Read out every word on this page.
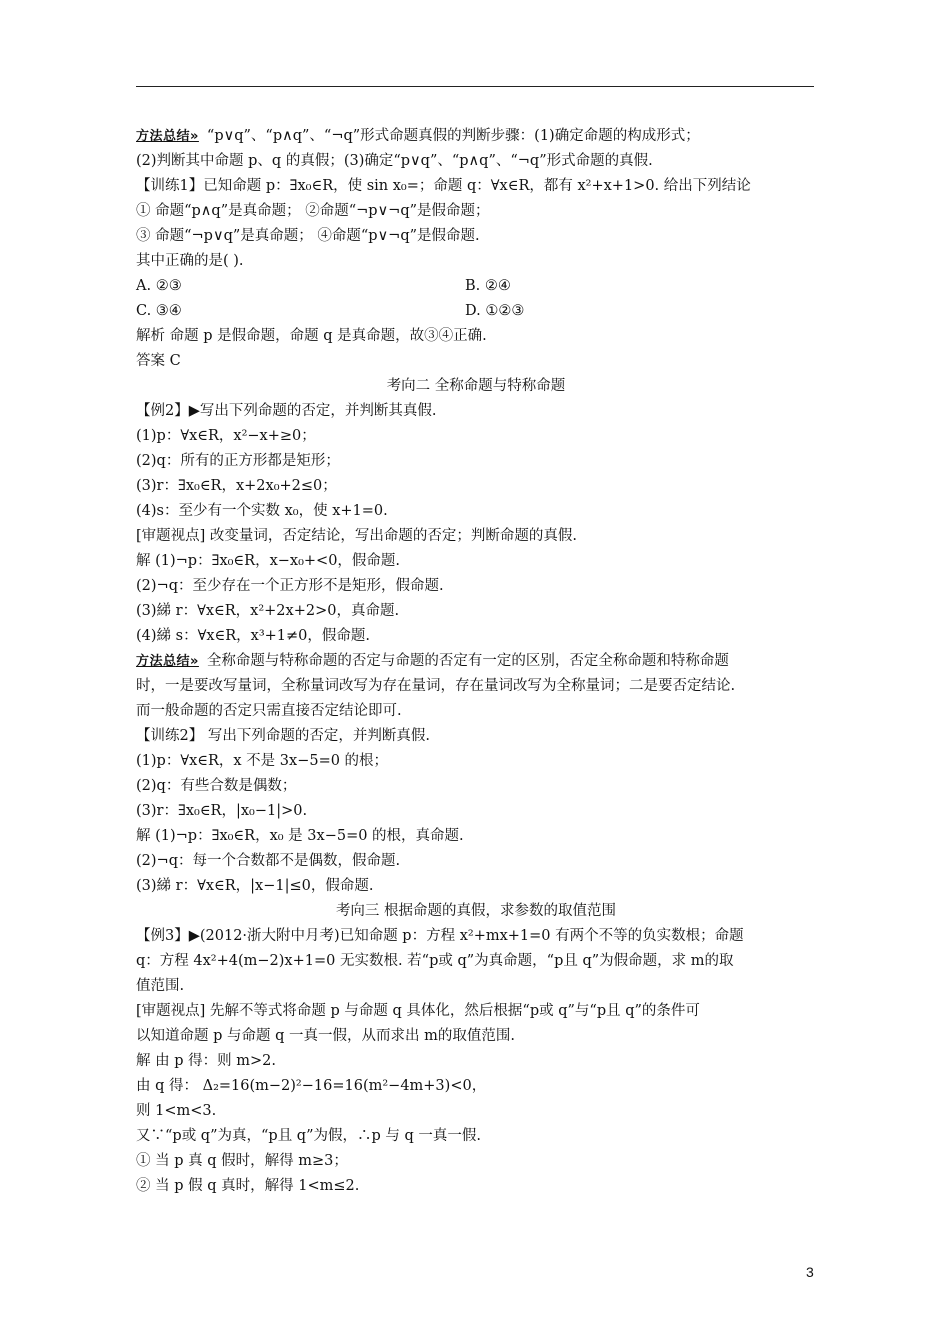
方法总结» “p∨q”、“p∧q”、“¬q”形式命题真假的判断步骤：(1)确定命题的构成形式；
(2)判断其中命题 p、q 的真假；(3)确定“p∨q”、“p∧q”、“¬q”形式命题的真假.
【训练1】已知命题 p：∃x₀∈R，使 sin x₀=；命题 q：∀x∈R，都有 x²+x+1>0. 给出下列结论
① 命题“p∧q”是真命题； ②命题“¬p∨¬q”是假命题；
③ 命题“¬p∨q”是真命题； ④命题“p∨¬q”是假命题.
其中正确的是( ).
A. ②③	B. ②④
C. ③④	D. ①②③
解析 命题 p 是假命题，命题 q 是真命题，故③④正确.
答案 C
考向二 全称命题与特称命题
【例2】▶写出下列命题的否定，并判断其真假.
(1)p：∀x∈R，x²−x+≥0；
(2)q：所有的正方形都是矩形；
(3)r：∃x₀∈R，x+2x₀+2≤0；
(4)s：至少有一个实数 x₀，使 x+1=0.
[审题视点] 改变量词，否定结论，写出命题的否定；判断命题的真假.
解 (1)¬p：∃x₀∈R，x−x₀+<0，假命题.
(2)¬q：至少存在一个正方形不是矩形，假命题.
(3)綈 r：∀x∈R，x²+2x+2>0，真命题.
(4)綈 s：∀x∈R，x³+1≠0，假命题.
方法总结» 全称命题与特称命题的否定与命题的否定有一定的区别，否定全称命题和特称命题
时，一是要改写量词，全称量词改写为存在量词，存在量词改写为全称量词；二是要否定结论.
而一般命题的否定只需直接否定结论即可.
【训练2】 写出下列命题的否定，并判断真假.
(1)p：∀x∈R，x 不是 3x−5=0 的根；
(2)q：有些合数是偶数；
(3)r：∃x₀∈R，|x₀−1|>0.
解 (1)¬p：∃x₀∈R，x₀ 是 3x−5=0 的根，真命题.
(2)¬q：每一个合数都不是偶数，假命题.
(3)綈 r：∀x∈R，|x−1|≤0，假命题.
考向三 根据命题的真假，求参数的取值范围
【例3】▶(2012·浙大附中月考)已知命题 p：方程 x²+mx+1=0 有两个不等的负实数根；命题
q：方程 4x²+4(m−2)x+1=0 无实数根. 若“p或 q”为真命题，“p且 q”为假命题，求 m的取
值范围.
[审题视点] 先解不等式将命题 p 与命题 q 具体化，然后根据“p或 q”与“p且 q”的条件可
以知道命题 p 与命题 q 一真一假，从而求出 m的取值范围.
解 由 p 得：则 m>2.
由 q 得： Δ₂=16(m−2)²−16=16(m²−4m+3)<0，
则 1<m<3.
又∵“p或 q”为真，“p且 q”为假，∴p 与 q 一真一假.
① 当 p 真 q 假时，解得 m≥3；
② 当 p 假 q 真时，解得 1<m≤2.
3
